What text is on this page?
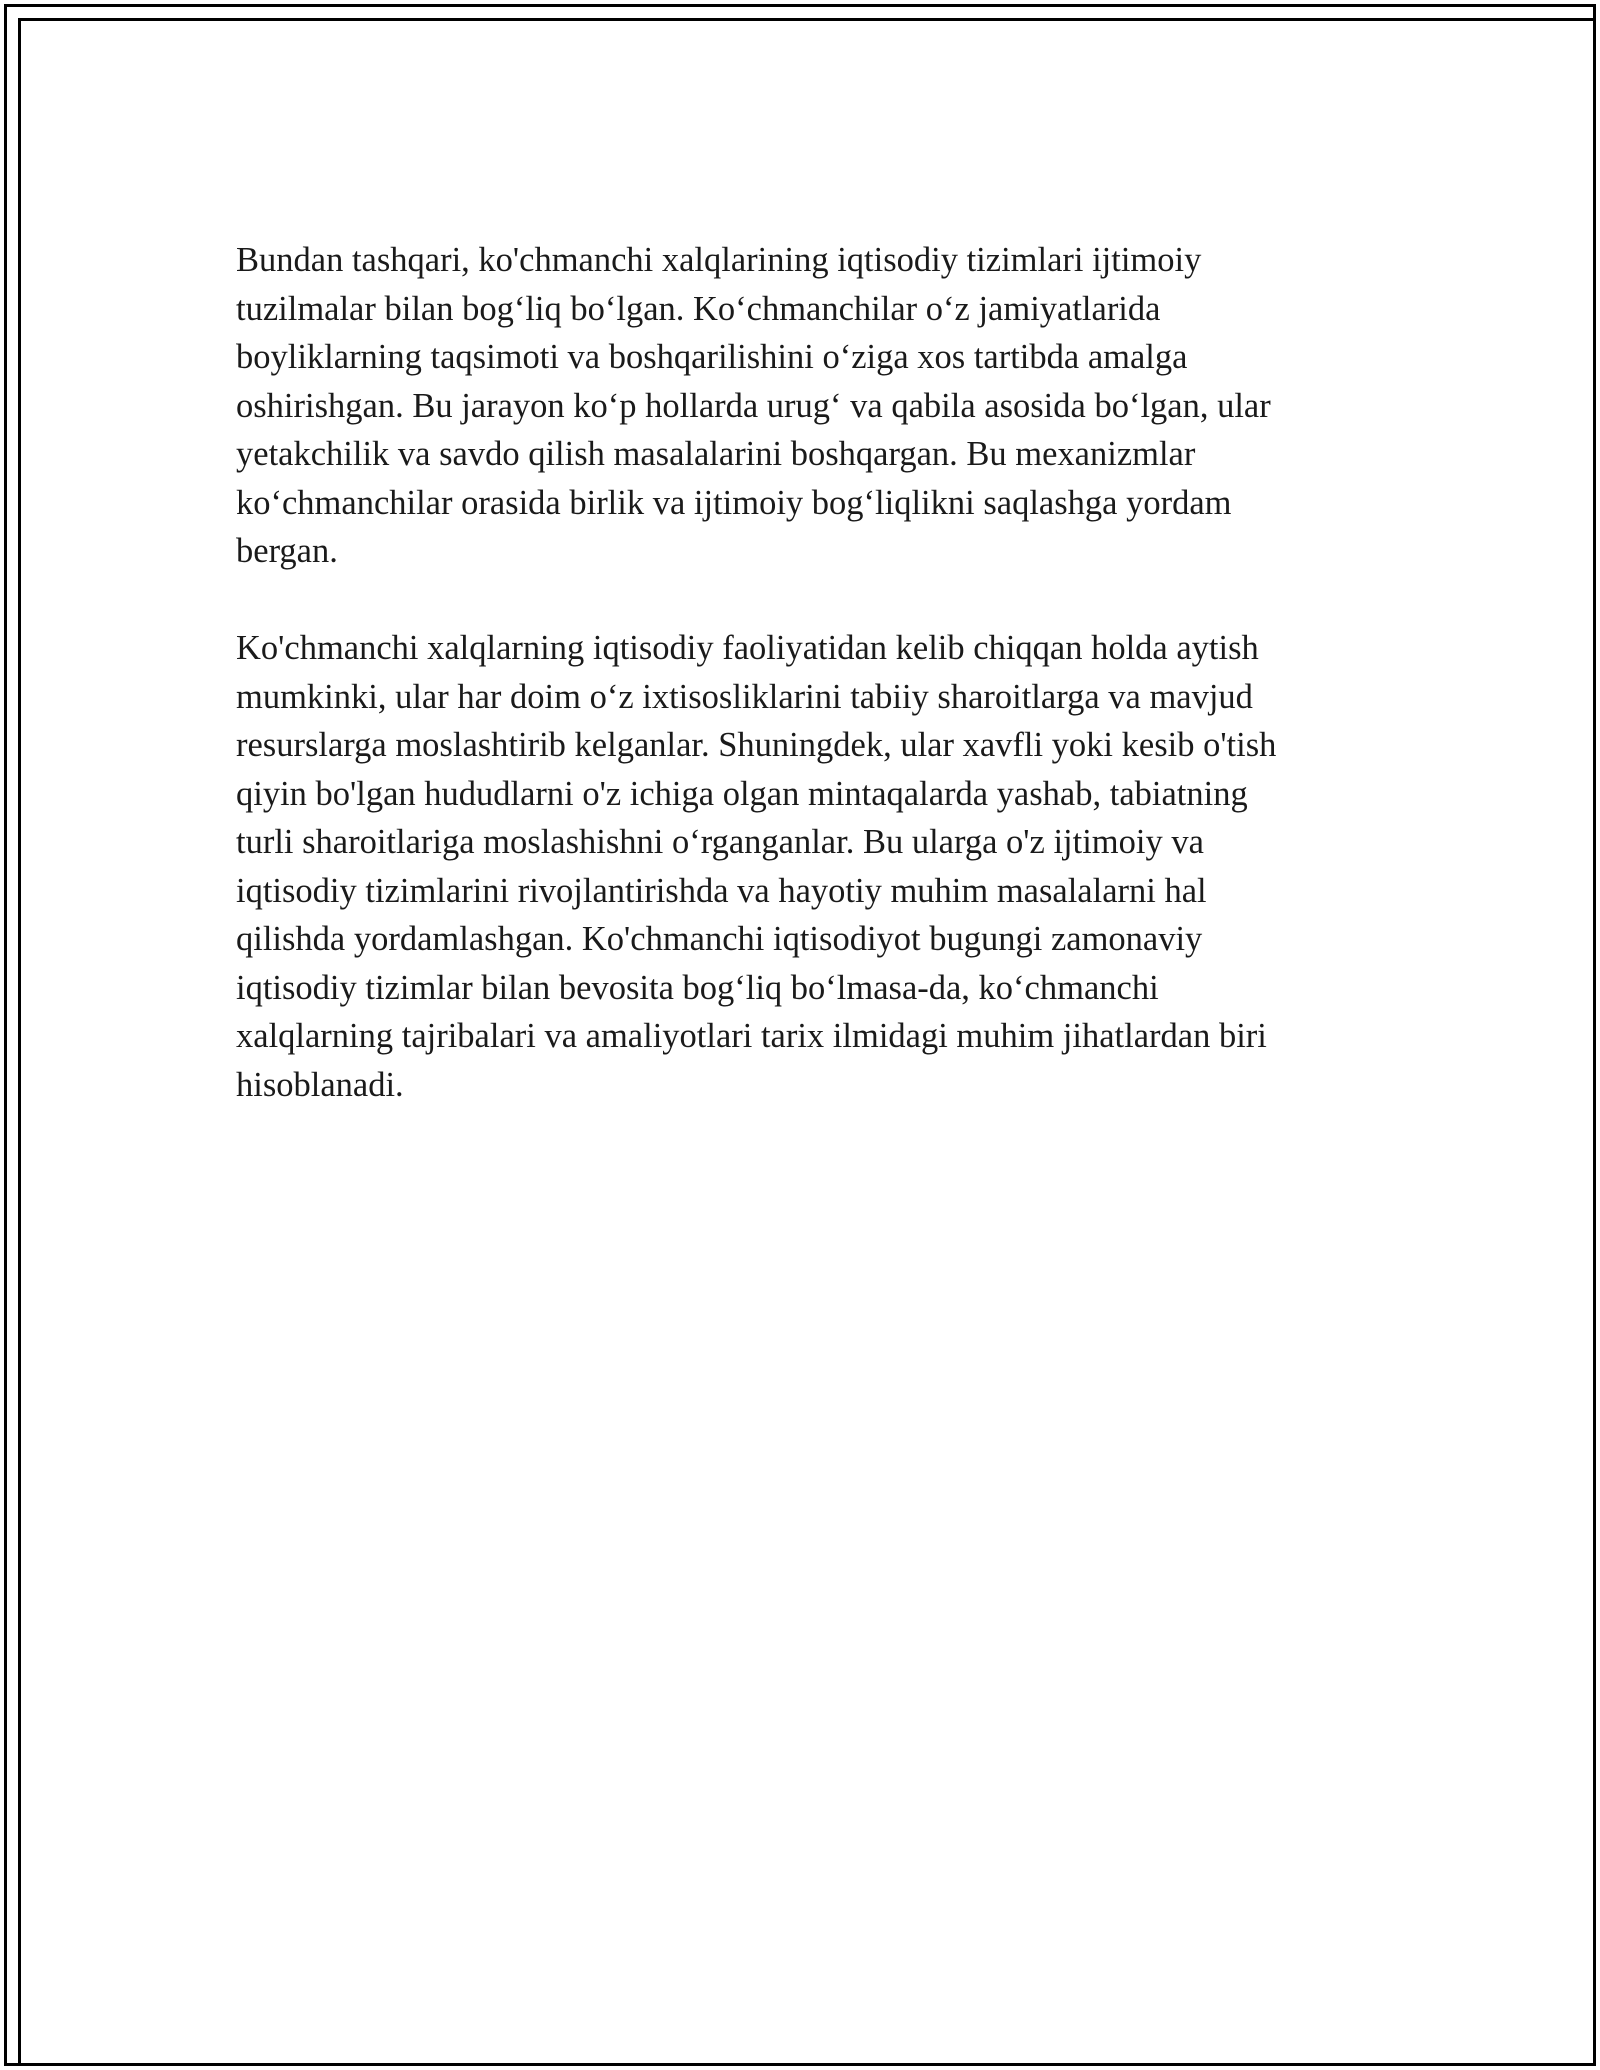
Bundan tashqari, ko'chmanchi xalqlarining iqtisodiy tizimlari ijtimoiy
tuzilmalar bilan bog‘liq bo‘lgan. Ko‘chmanchilar o‘z jamiyatlarida
boyliklarning taqsimoti va boshqarilishini o‘ziga xos tartibda amalga
oshirishgan. Bu jarayon ko‘p hollarda urug‘ va qabila asosida bo‘lgan, ular
yetakchilik va savdo qilish masalalarini boshqargan. Bu mexanizmlar
ko‘chmanchilar orasida birlik va ijtimoiy bog‘liqlikni saqlashga yordam
bergan.

Ko'chmanchi xalqlarning iqtisodiy faoliyatidan kelib chiqqan holda aytish
mumkinki, ular har doim o‘z ixtisosliklarini tabiiy sharoitlarga va mavjud
resurslarga moslashtirib kelganlar. Shuningdek, ular xavfli yoki kesib o'tish
qiyin bo'lgan hududlarni o'z ichiga olgan mintaqalarda yashab, tabiatning
turli sharoitlariga moslashishni o‘rganganlar. Bu ularga o'z ijtimoiy va
iqtisodiy tizimlarini rivojlantirishda va hayotiy muhim masalalarni hal
qilishda yordamlashgan. Ko'chmanchi iqtisodiyot bugungi zamonaviy
iqtisodiy tizimlar bilan bevosita bog‘liq bo‘lmasa-da, ko‘chmanchi
xalqlarning tajribalari va amaliyotlari tarix ilmidagi muhim jihatlardan biri
hisoblanadi.
